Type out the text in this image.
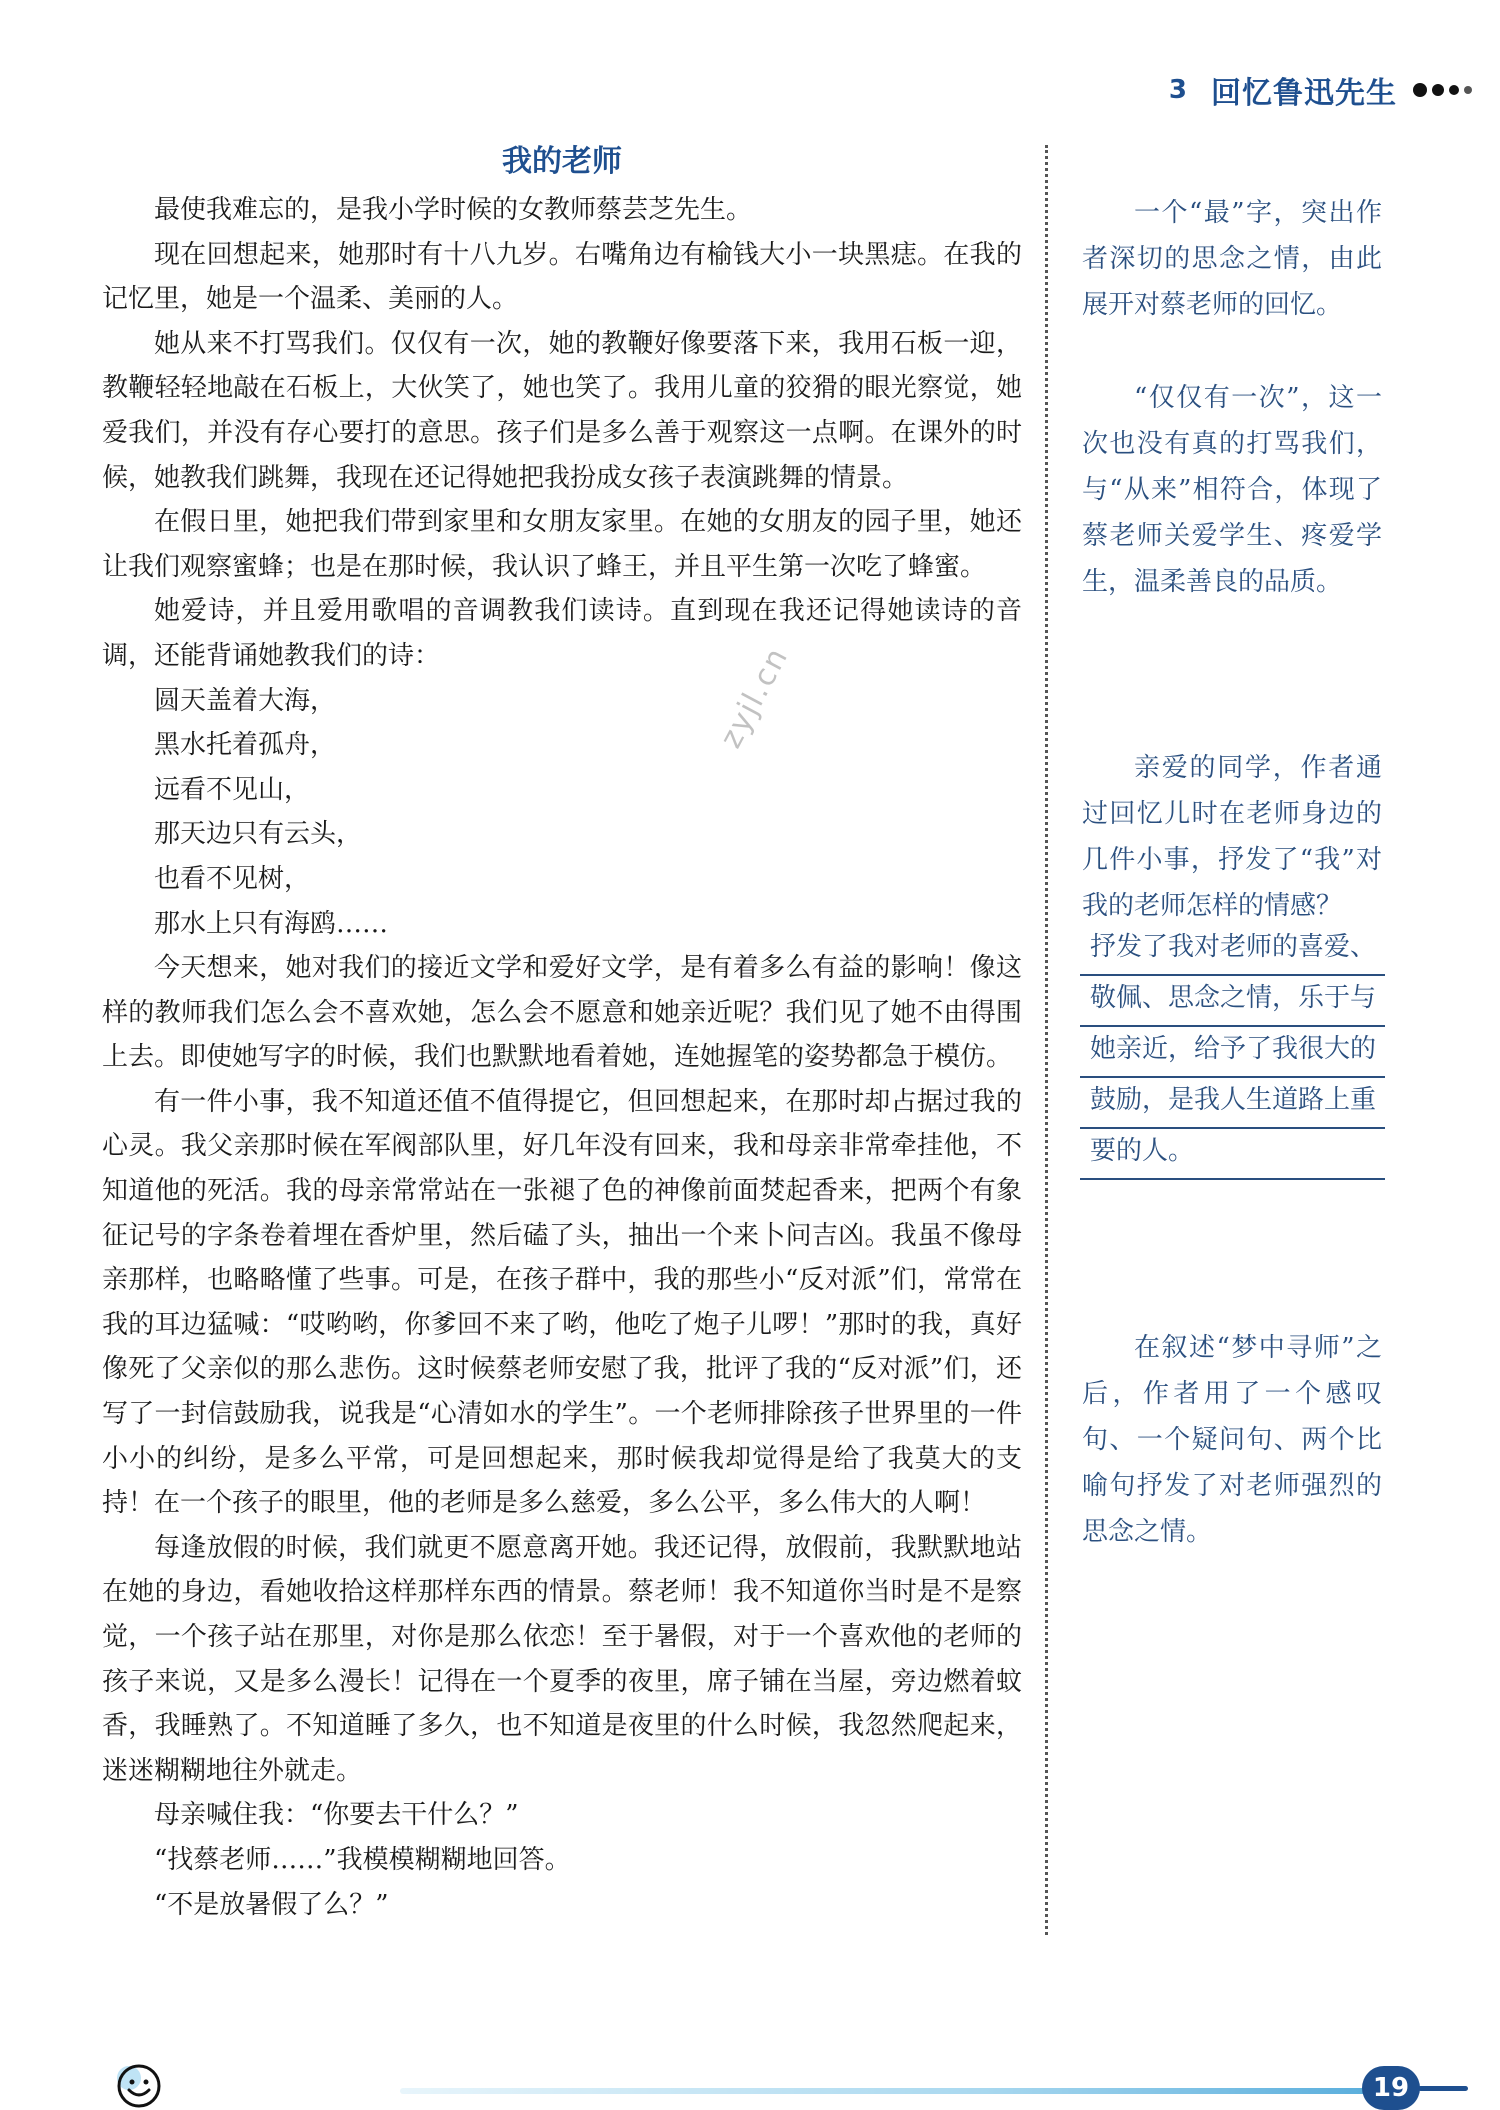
3 回忆鲁迅先生
我的老师

最使我难忘的，是我小学时候的女教师蔡芸芝先生。

现在回想起来，她那时有十八九岁。右嘴角边有榆钱大小一块黑痣。在我的记忆里，她是一个温柔、美丽的人。

她从来不打骂我们。仅仅有一次，她的教鞭好像要落下来，我用石板一迎，教鞭轻轻地敲在石板上，大伙笑了，她也笑了。我用儿童的狡猾的眼光察觉，她爱我们，并没有存心要打的意思。孩子们是多么善于观察这一点啊。在课外的时候，她教我们跳舞，我现在还记得她把我扮成女孩子表演跳舞的情景。

在假日里，她把我们带到家里和女朋友家里。在她的女朋友的园子里，她还让我们观察蜜蜂；也是在那时候，我认识了蜂王，并且平生第一次吃了蜂蜜。

她爱诗，并且爱用歌唱的音调教我们读诗。直到现在我还记得她读诗的音调，还能背诵她教我们的诗：

圆天盖着大海，

黑水托着孤舟，

远看不见山，

那天边只有云头，

也看不见树，

那水上只有海鸥……

今天想来，她对我们的接近文学和爱好文学，是有着多么有益的影响！像这样的教师我们怎么会不喜欢她，怎么会不愿意和她亲近呢？我们见了她不由得围上去。即使她写字的时候，我们也默默地看着她，连她握笔的姿势都急于模仿。

有一件小事，我不知道还值不值得提它，但回想起来，在那时却占据过我的心灵。我父亲那时候在军阀部队里，好几年没有回来，我和母亲非常牵挂他，不知道他的死活。我的母亲常常站在一张褪了色的神像前面焚起香来，把两个有象征记号的字条卷着埋在香炉里，然后磕了头，抽出一个来卜问吉凶。我虽不像母亲那样，也略略懂了些事。可是，在孩子群中，我的那些小“反对派”们，常常在我的耳边猛喊：“哎哟哟，你爹回不来了哟，他吃了炮子儿啰！”那时的我，真好像死了父亲似的那么悲伤。这时候蔡老师安慰了我，批评了我的“反对派”们，还写了一封信鼓励我，说我是“心清如水的学生”。一个老师排除孩子世界里的一件小小的纠纷，是多么平常，可是回想起来，那时候我却觉得是给了我莫大的支持！在一个孩子的眼里，他的老师是多么慈爱，多么公平，多么伟大的人啊！

每逢放假的时候，我们就更不愿意离开她。我还记得，放假前，我默默地站在她的身边，看她收拾这样那样东西的情景。蔡老师！我不知道你当时是不是察觉，一个孩子站在那里，对你是那么依恋！至于暑假，对于一个喜欢他的老师的孩子来说，又是多么漫长！记得在一个夏季的夜里，席子铺在当屋，旁边燃着蚊香，我睡熟了。不知道睡了多久，也不知道是夜里的什么时候，我忽然爬起来，迷迷糊糊地往外就走。

母亲喊住我：“你要去干什么？”

“找蔡老师……”我模模糊糊地回答。

“不是放暑假了么？”

zyjl.cn

一个“最”字，突出作者深切的思念之情，由此展开对蔡老师的回忆。

“仅仅有一次”，这一次也没有真的打骂我们，与“从来”相符合，体现了蔡老师关爱学生、疼爱学生，温柔善良的品质。

亲爱的同学，作者通过回忆儿时在老师身边的几件小事，抒发了“我”对我的老师怎样的情感？

抒发了我对老师的喜爱、
敬佩、思念之情，乐于与
她亲近，给予了我很大的
鼓励，是我人生道路上重
要的人。

在叙述“梦中寻师”之后，作者用了一个感叹句、一个疑问句、两个比喻句抒发了对老师强烈的思念之情。

19
